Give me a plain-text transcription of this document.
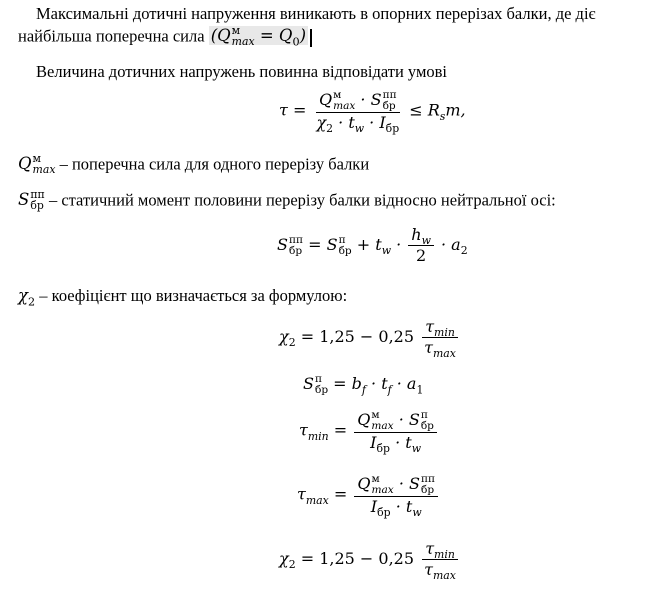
Максимальні дотичні напруження виникають в опорних перерізах балки, де діє
найбільша поперечна сила (Q м
$\max = Q_0$)
Величина дотичних напружень повинна відповідати умові
τ = Q м
max · S пп
бр
$\chi_2 \cdot t_w \cdot I_{бр} \le R_sm$,
Q м
max – поперечна сила для одного перерізу балки
S пп
бр – статичний момент половини перерізу балки відносно нейтральної осі:
S пп
бр = S п
бр + $t_w \cdot \frac{h_w}{2} \cdot a_2$
$\chi_2$ – коефіцієнт що визначається за формулою:
$\chi_2 = 1,25 - 0,25 \frac{\tau_{min}}{\tau_{max}}$
S п
бр = $b_f \cdot t_f \cdot a_1$
$\tau_{min} = Q$ м
max · S п
бр
$I_{бр} \cdot t_w$
$\tau_{max} = Q$ м
max · S пп
бр
$I_{бр} \cdot t_w$
$\chi_2 = 1,25 - 0,25 \frac{\tau_{min}}{\tau_{max}}$
